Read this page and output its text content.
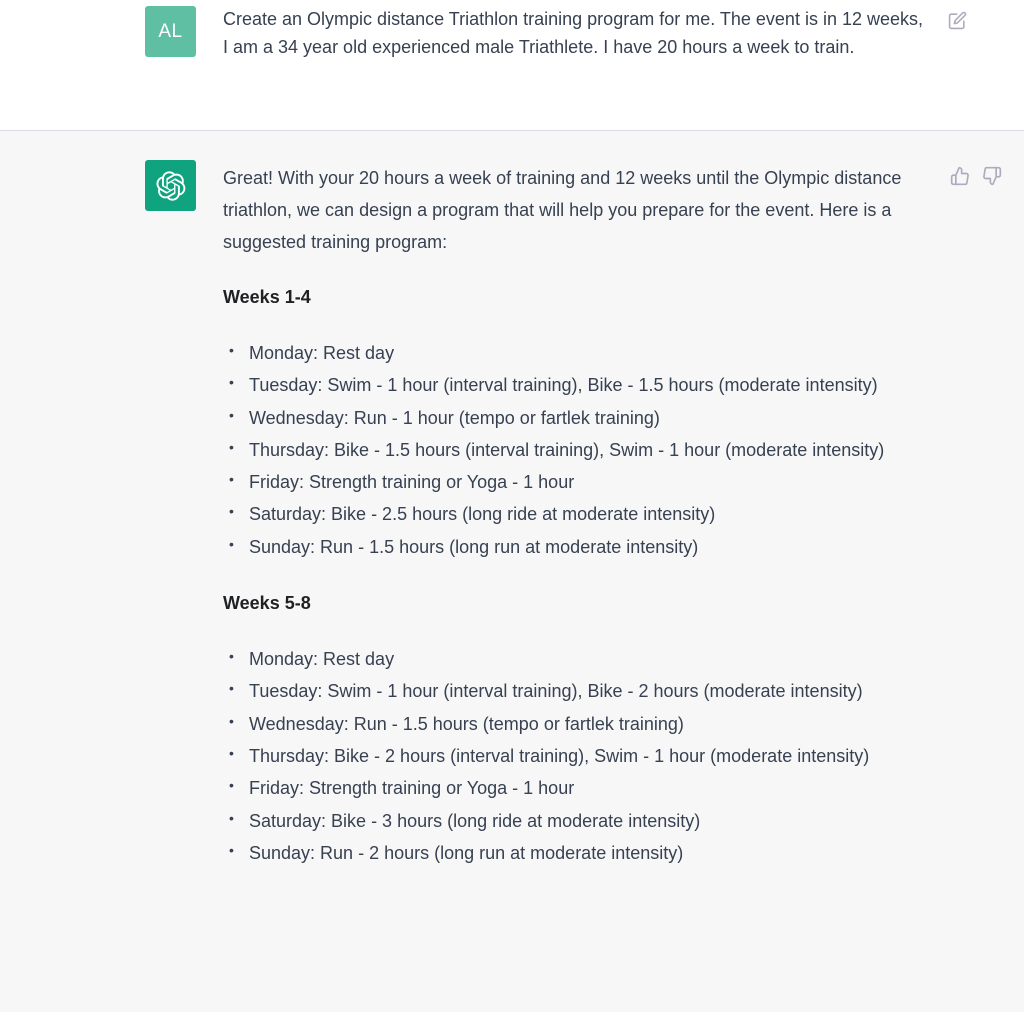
AL

Create an Olympic distance Triathlon training program for me. The event is in 12 weeks, I am a 34 year old experienced male Triathlete. I have 20 hours a week to train.

Great! With your 20 hours a week of training and 12 weeks until the Olympic distance triathlon, we can design a program that will help you prepare for the event. Here is a suggested training program:

Weeks 1-4
• Monday: Rest day
• Tuesday: Swim - 1 hour (interval training), Bike - 1.5 hours (moderate intensity)
• Wednesday: Run - 1 hour (tempo or fartlek training)
• Thursday: Bike - 1.5 hours (interval training), Swim - 1 hour (moderate intensity)
• Friday: Strength training or Yoga - 1 hour
• Saturday: Bike - 2.5 hours (long ride at moderate intensity)
• Sunday: Run - 1.5 hours (long run at moderate intensity)
Weeks 5-8
• Monday: Rest day
• Tuesday: Swim - 1 hour (interval training), Bike - 2 hours (moderate intensity)
• Wednesday: Run - 1.5 hours (tempo or fartlek training)
• Thursday: Bike - 2 hours (interval training), Swim - 1 hour (moderate intensity)
• Friday: Strength training or Yoga - 1 hour
• Saturday: Bike - 3 hours (long ride at moderate intensity)
• Sunday: Run - 2 hours (long run at moderate intensity)
